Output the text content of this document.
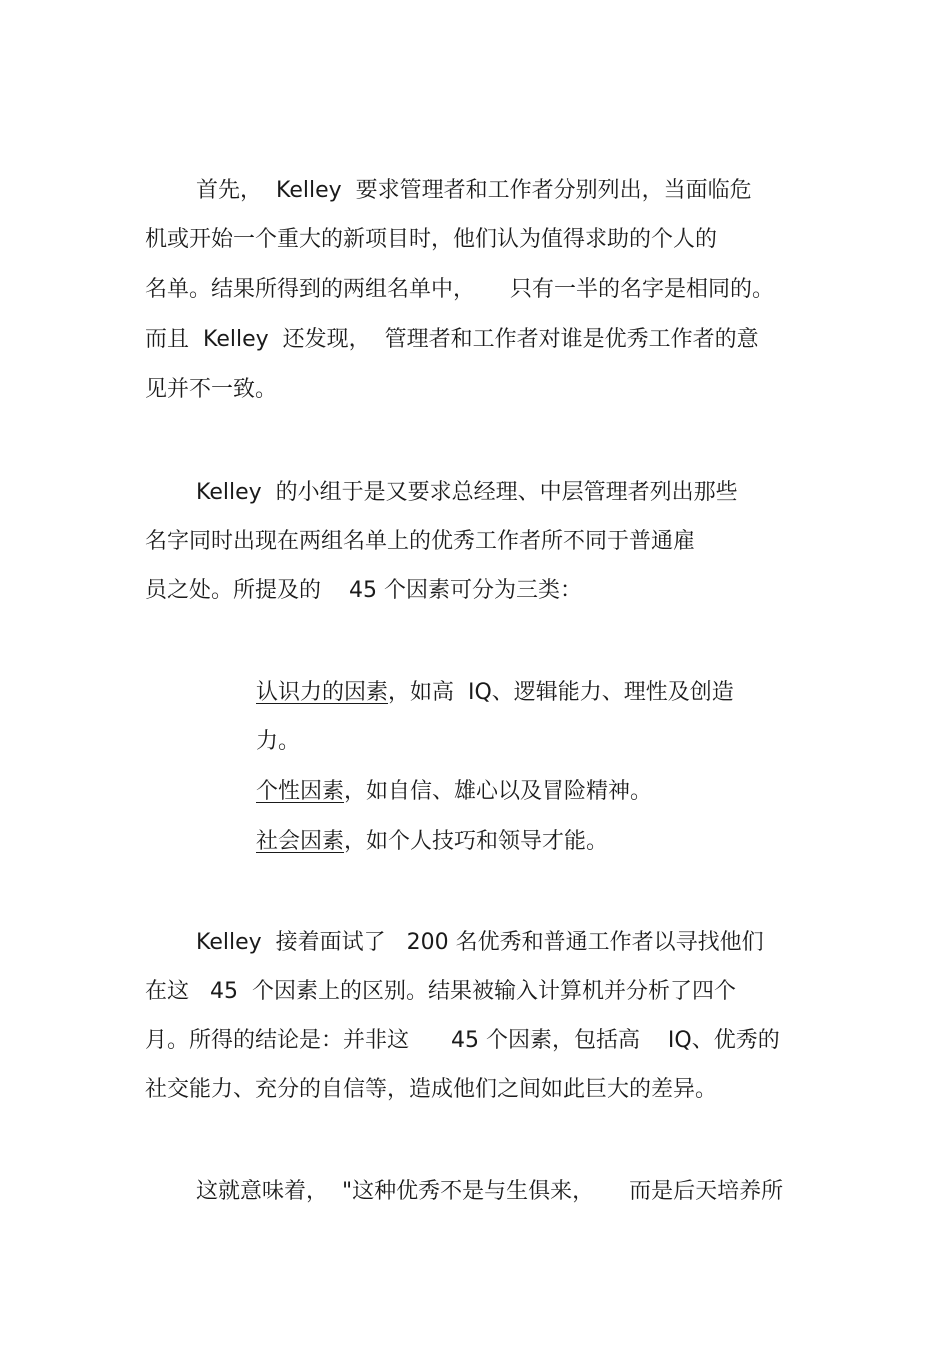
首先，  Kelley  要求管理者和工作者分别列出，当面临危
机或开始一个重大的新项目时，他们认为值得求助的个人的
名单。结果所得到的两组名单中，     只有一半的名字是相同的。
而且  Kelley  还发现，  管理者和工作者对谁是优秀工作者的意
见并不一致。
Kelley  的小组于是又要求总经理、中层管理者列出那些
名字同时出现在两组名单上的优秀工作者所不同于普通雇
员之处。所提及的    45 个因素可分为三类：
认识力的因素，如高  IQ、逻辑能力、理性及创造
力。
个性因素，如自信、雄心以及冒险精神。
社会因素，如个人技巧和领导才能。
Kelley  接着面试了   200 名优秀和普通工作者以寻找他们
在这   45  个因素上的区别。结果被输入计算机并分析了四个
月。所得的结论是：并非这      45 个因素，包括高    IQ、优秀的
社交能力、充分的自信等，造成他们之间如此巨大的差异。
这就意味着，  "这种优秀不是与生俱来，     而是后天培养所
